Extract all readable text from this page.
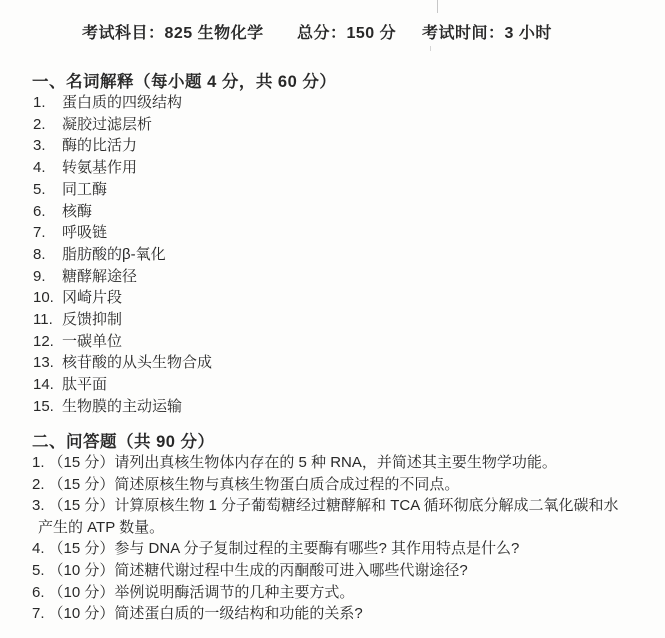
考试科目：825 生物化学 总分：150 分 考试时间：3 小时
一、名词解释（每小题 4 分，共 60 分）
1. 蛋白质的四级结构
2. 凝胶过滤层析
3. 酶的比活力
4. 转氨基作用
5. 同工酶
6. 核酶
7. 呼吸链
8. 脂肪酸的β-氧化
9. 糖酵解途径
10. 冈崎片段
11. 反馈抑制
12. 一碳单位
13. 核苷酸的从头生物合成
14. 肽平面
15. 生物膜的主动运输
二、问答题（共 90 分）

1. （15 分）请列出真核生物体内存在的 5 种 RNA，并简述其主要生物学功能。

2. （15 分）简述原核生物与真核生物蛋白质合成过程的不同点。

3. （15 分）计算原核生物 1 分子葡萄糖经过糖酵解和 TCA 循环彻底分解成二氧化碳和水
产生的 ATP 数量。

4. （15 分）参与 DNA 分子复制过程的主要酶有哪些? 其作用特点是什么?

5. （10 分）简述糖代谢过程中生成的丙酮酸可进入哪些代谢途径?

6. （10 分）举例说明酶活调节的几种主要方式。

7. （10 分）简述蛋白质的一级结构和功能的关系?
